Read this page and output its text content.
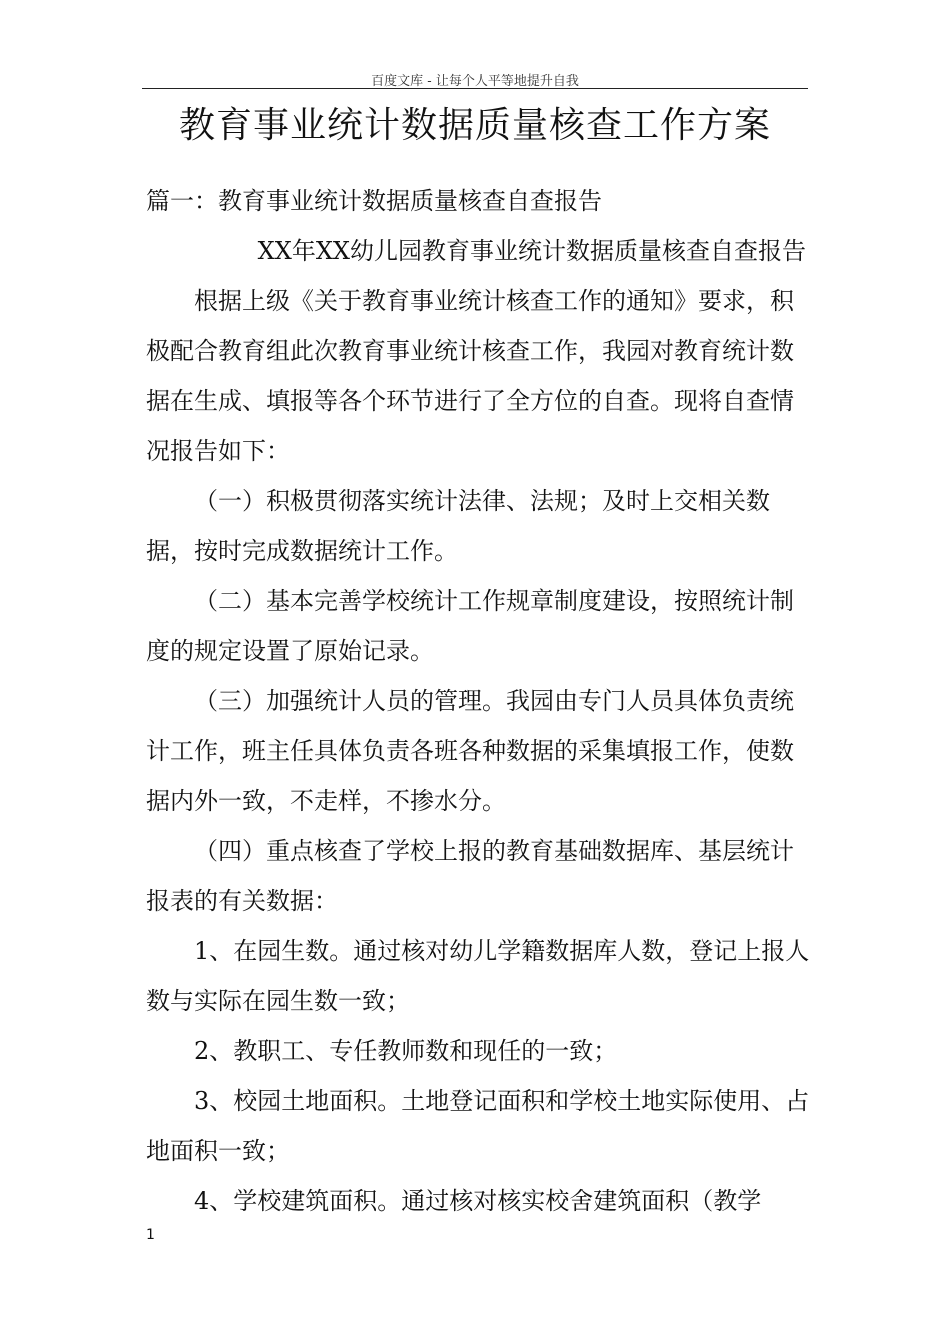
百度文库 - 让每个人平等地提升自我
教育事业统计数据质量核查工作方案

篇一：教育事业统计数据质量核查自查报告

XX年XX幼儿园教育事业统计数据质量核查自查报告

根据上级《关于教育事业统计核查工作的通知》要求，积极配合教育组此次教育事业统计核查工作，我园对教育统计数据在生成、填报等各个环节进行了全方位的自查。现将自查情况报告如下：

（一）积极贯彻落实统计法律、法规；及时上交相关数据，按时完成数据统计工作。

（二）基本完善学校统计工作规章制度建设，按照统计制度的规定设置了原始记录。

（三）加强统计人员的管理。我园由专门人员具体负责统计工作，班主任具体负责各班各种数据的采集填报工作，使数据内外一致，不走样，不掺水分。

（四）重点核查了学校上报的教育基础数据库、基层统计报表的有关数据：

1、在园生数。通过核对幼儿学籍数据库人数，登记上报人数与实际在园生数一致；

2、教职工、专任教师数和现任的一致；

3、校园土地面积。土地登记面积和学校土地实际使用、占地面积一致；

4、学校建筑面积。通过核对核实校舍建筑面积（教学

1
